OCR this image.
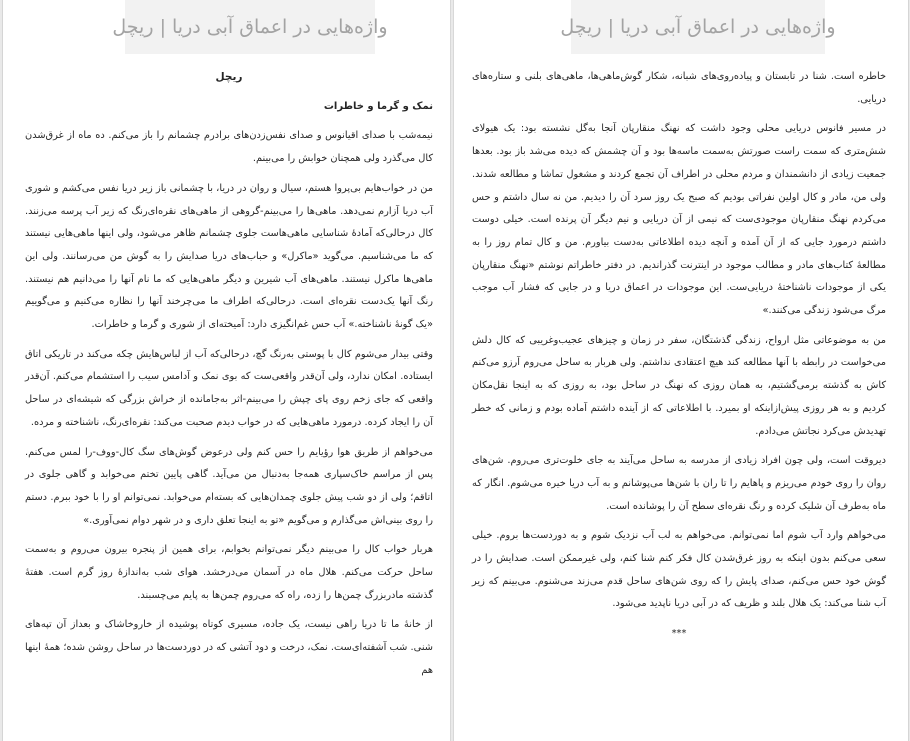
واژه‌هایی در اعماق آبی دریا | ریچل

ریچل

نمک و گرما و خاطرات

نیمه‌شب با صدای اقیانوس و صدای نفس‌زدن‌های برادرم چشمانم را باز می‌کنم. ده ماه از غرق‌شدن کال می‌گذرد ولی همچنان خوابش را می‌بینم.

من در خواب‌هایم بی‌پروا هستم، سیال و روان در دریا، با چشمانی باز زیر دریا نفس می‌کشم و شوری آب دریا آزارم نمی‌دهد. ماهی‌ها را می‌بینم-گروهی از ماهی‌های نقره‌ای‌رنگ که زیر آب پرسه می‌زنند. کال درحالی‌که آماده‌ٔ شناسایی ماهی‌هاست جلوی چشمانم ظاهر می‌شود، ولی اینها ماهی‌هایی نیستند که ما می‌شناسیم. می‌گوید «ماکرل» و حباب‌های دریا صدایش را به گوش من می‌رسانند. ولی این ماهی‌ها ماکرل نیستند. ماهی‌های آب شیرین و دیگر ماهی‌هایی که ما نام آنها را می‌دانیم هم نیستند. رنگ آنها یک‌دست نقره‌ای است. درحالی‌که اطراف ما می‌چرخند آنها را نظاره می‌کنیم و می‌گوییم «یک گونه‌ٔ ناشناخته.» آب حس غم‌انگیزی دارد: آمیخته‌ای از شوری و گرما و خاطرات.

وقتی بیدار می‌شوم کال با پوستی به‌رنگ گچ، درحالی‌که آب از لباس‌هایش چکه می‌کند در تاریکی اتاق ایستاده. امکان ندارد، ولی آن‌قدر واقعی‌ست که بوی نمک و آدامس سیب را استشمام می‌کنم. آن‌قدر واقعی که جای زخم روی پای چپش را می‌بینم-اثر به‌جامانده از خراش بزرگی که شیشه‌ای در ساحل آن را ایجاد کرده. درمورد ماهی‌هایی که در خواب دیدم صحبت می‌کند: نقره‌ای‌رنگ، ناشناخته و مرده.

می‌خواهم از طریق هوا رؤیایم را حس کنم ولی درعوض گوش‌های سگ کال-ووف-را لمس می‌کنم. پس از مراسم خاک‌سپاری همه‌جا به‌دنبال من می‌آید. گاهی پایین تختم می‌خوابد و گاهی جلوی در اتاقم؛ ولی از دو شب پیش جلوی چمدان‌هایی که بسته‌ام می‌خوابد. نمی‌توانم او را با خود ببرم. دستم را روی بینی‌اش می‌گذارم و می‌گویم «تو به اینجا تعلق داری و در شهر دوام نمی‌آوری.»

هربار خواب کال را می‌بینم دیگر نمی‌توانم بخوابم، برای همین از پنجره بیرون می‌روم و به‌سمت ساحل حرکت می‌کنم. هلال ماه در آسمان می‌درخشد. هوای شب به‌اندازهٔ روز گرم است. هفتهٔ گذشته مادربزرگ چمن‌ها را زده، راه که می‌روم چمن‌ها به پایم می‌چسبند.

از خانهٔ ما تا دریا راهی نیست، یک جاده، مسیری کوتاه پوشیده از خاروخاشاک و بعداز آن تپه‌های شنی. شب آشفته‌ای‌ست. نمک، درخت و دود آتشی که در دوردست‌ها در ساحل روشن شده؛ همهٔ اینها هم

واژه‌هایی در اعماق آبی دریا | ریچل

خاطره است. شنا در تابستان و پیاده‌روی‌های شبانه، شکار گوش‌ماهی‌ها، ماهی‌های بلنی و ستاره‌های دریایی.

در مسیر فانوس دریایی محلی وجود داشت که نهنگ منقارپان آنجا به‌گل نشسته بود: یک هیولای شش‌متری که سمت راست صورتش به‌سمت ماسه‌ها بود و آن چشمش که دیده می‌شد باز بود. بعدها جمعیت زیادی از دانشمندان و مردم محلی در اطراف آن تجمع کردند و مشغول تماشا و مطالعه شدند. ولی من، مادر و کال اولین نفراتی بودیم که صبح یک روز سرد آن را دیدیم. من نه سال داشتم و حس می‌کردم نهنگ منقارپان موجودی‌ست که نیمی از آن دریایی و نیم دیگر آن پرنده است. خیلی دوست داشتم درمورد جایی که از آن آمده و آنچه دیده اطلاعاتی به‌دست بیاورم. من و کال تمام روز را به مطالعهٔ کتاب‌های مادر و مطالب موجود در اینترنت گذراندیم. در دفتر خاطراتم نوشتم «نهنگ منقارپان یکی از موجودات ناشناختهٔ دریایی‌ست. این موجودات در اعماق دریا و در جایی که فشار آب موجب مرگ می‌شود زندگی می‌کنند.»

من به موضوعاتی مثل ارواح، زندگی گذشتگان، سفر در زمان و چیزهای عجیب‌وغریبی که کال دلش می‌خواست در رابطه با آنها مطالعه کند هیچ اعتقادی نداشتم. ولی هربار به ساحل می‌روم آرزو می‌کنم کاش به گذشته برمی‌گشتیم، به همان روزی که نهنگ در ساحل بود، به روزی که به اینجا نقل‌مکان کردیم و به هر روزی پیش‌ازاینکه او بمیرد. با اطلاعاتی که از آینده داشتم آماده بودم و زمانی که خطر تهدیدش می‌کرد نجاتش می‌دادم.

دیروقت است، ولی چون افراد زیادی از مدرسه به ساحل می‌آیند به جای خلوت‌تری می‌روم. شن‌های روان را روی خودم می‌ریزم و پاهایم را تا ران با شن‌ها می‌پوشانم و به آب دریا خیره می‌شوم. انگار که ماه به‌طرف آن شلیک کرده و رنگ نقره‌ای سطح آن را پوشانده است.

می‌خواهم وارد آب شوم اما نمی‌توانم. می‌خواهم به لب آب نزدیک شوم و به دوردست‌ها بروم. خیلی سعی می‌کنم بدون اینکه به روز غرق‌شدن کال فکر کنم شنا کنم، ولی غیرممکن است. صدایش را در گوش خود حس می‌کنم، صدای پایش را که روی شن‌های ساحل قدم می‌زند می‌شنوم. می‌بینم که زیر آب شنا می‌کند: یک هلال بلند و ظریف که در آبی دریا ناپدید می‌شود.

***
